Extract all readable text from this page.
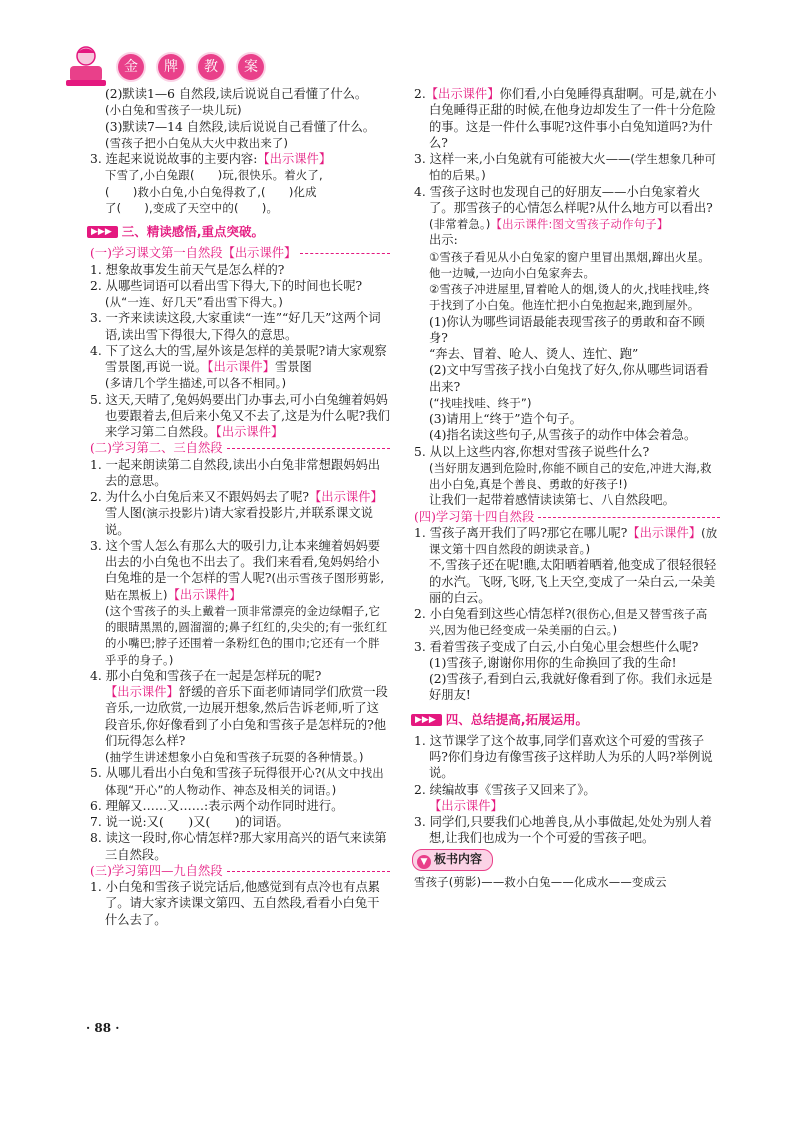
金	牌	教	案

(2)默读1—6 自然段,读后说说自己看懂了什么。

(小白兔和雪孩子一块儿玩)

(3)默读7—14 自然段,读后说说自己看懂了什么。

(雪孩子把小白兔从大火中救出来了)

3. 连起来说说故事的主要内容:【出示课件】

下雪了,小白兔跟(　　)玩,很快乐。着火了,

(　　)救小白兔,小白兔得救了,(　　)化成

了(　　),变成了天空中的(　　)。

▶▶▶ 三、精读感悟,重点突破。
(一)学习课文第一自然段【出示课件】

1. 想象故事发生前天气是怎么样的?

2. 从哪些词语可以看出雪下得大,下的时间也长呢?

(从“一连、好几天”看出雪下得大。)

3. 一齐来读读这段,大家重读“一连”“好几天”这两个词语,读出雪下得很大,下得久的意思。

4. 下了这么大的雪,屋外该是怎样的美景呢?请大家观察雪景图,再说一说。【出示课件】雪景图

(多请几个学生描述,可以各不相同。)

5. 这天,天晴了,兔妈妈要出门办事去,可小白兔缠着妈妈也要跟着去,但后来小兔又不去了,这是为什么呢?我们来学习第二自然段。【出示课件】

(二)学习第二、三自然段

1. 一起来朗读第二自然段,读出小白兔非常想跟妈妈出去的意思。

2. 为什么小白兔后来又不跟妈妈去了呢?【出示课件】雪人图(演示投影片)请大家看投影片,并联系课文说说。

3. 这个雪人怎么有那么大的吸引力,让本来缠着妈妈要出去的小白兔也不出去了。我们来看看,兔妈妈给小白兔堆的是一个怎样的雪人呢?(出示雪孩子图形剪影,贴在黑板上)【出示课件】

(这个雪孩子的头上戴着一顶非常漂亮的金边绿帽子,它的眼睛黑黑的,圆溜溜的;鼻子红红的,尖尖的;有一张红红的小嘴巴;脖子还围着一条粉红色的围巾;它还有一个胖乎乎的身子。)

4. 那小白兔和雪孩子在一起是怎样玩的呢?【出示课件】舒缓的音乐下面老师请同学们欣赏一段音乐,一边欣赏,一边展开想象,然后告诉老师,听了这段音乐,你好像看到了小白兔和雪孩子是怎样玩的?他们玩得怎么样?

(抽学生讲述想象小白兔和雪孩子玩耍的各种情景。)

5. 从哪儿看出小白兔和雪孩子玩得很开心?(从文中找出体现“开心”的人物动作、神态及相关的词语。)

6. 理解又……又……:表示两个动作同时进行。

7. 说一说:又(　　)又(　　)的词语。

8. 读这一段时,你心情怎样?那大家用高兴的语气来读第三自然段。

(三)学习第四—九自然段

1. 小白兔和雪孩子说完话后,他感觉到有点冷也有点累了。请大家齐读课文第四、五自然段,看看小白兔干什么去了。

2.【出示课件】你们看,小白兔睡得真甜啊。可是,就在小白兔睡得正甜的时候,在他身边却发生了一件十分危险的事。这是一件什么事呢?这件事小白兔知道吗?为什么?

3. 这样一来,小白兔就有可能被大火——(学生想象几种可怕的后果。)

4. 雪孩子这时也发现自己的好朋友——小白兔家着火了。那雪孩子的心情怎么样呢?从什么地方可以看出?

(非常着急。)【出示课件:图文雪孩子动作句子】

出示:

①雪孩子看见从小白兔家的窗户里冒出黑烟,蹿出火星。他一边喊,一边向小白兔家奔去。

②雪孩子冲进屋里,冒着呛人的烟,烫人的火,找哇找哇,终于找到了小白兔。他连忙把小白兔抱起来,跑到屋外。

(1)你认为哪些词语最能表现雪孩子的勇敢和奋不顾身?

“奔去、冒着、呛人、烫人、连忙、跑”

(2)文中写雪孩子找小白兔找了好久,你从哪些词语看出来?

(“找哇找哇、终于”)

(3)请用上“终于”造个句子。

(4)指名读这些句子,从雪孩子的动作中体会着急。

5. 从以上这些内容,你想对雪孩子说些什么?

(当好朋友遇到危险时,你能不顾自己的安危,冲进大海,救出小白兔,真是个善良、勇敢的好孩子!)

让我们一起带着感情读读第七、八自然段吧。

(四)学习第十四自然段

1. 雪孩子离开我们了吗?那它在哪儿呢?【出示课件】(放课文第十四自然段的朗读录音。)

不,雪孩子还在呢!瞧,太阳晒着晒着,他变成了很轻很轻的水汽。飞呀,飞呀,飞上天空,变成了一朵白云,一朵美丽的白云。

2. 小白兔看到这些心情怎样?(很伤心,但是又替雪孩子高兴,因为他已经变成一朵美丽的白云。)

3. 看着雪孩子变成了白云,小白兔心里会想些什么呢?

(1)雪孩子,谢谢你用你的生命换回了我的生命!

(2)雪孩子,看到白云,我就好像看到了你。我们永远是好朋友!

▶▶▶ 四、总结提高,拓展运用。

1. 这节课学了这个故事,同学们喜欢这个可爱的雪孩子吗?你们身边有像雪孩子这样助人为乐的人吗?举例说说。

2. 续编故事《雪孩子又回来了》。

【出示课件】

3. 同学们,只要我们心地善良,从小事做起,处处为别人着想,让我们也成为一个个可爱的雪孩子吧。

▼ 板书内容

雪孩子(剪影)——救小白兔——化成水——变成云

· 88 ·
